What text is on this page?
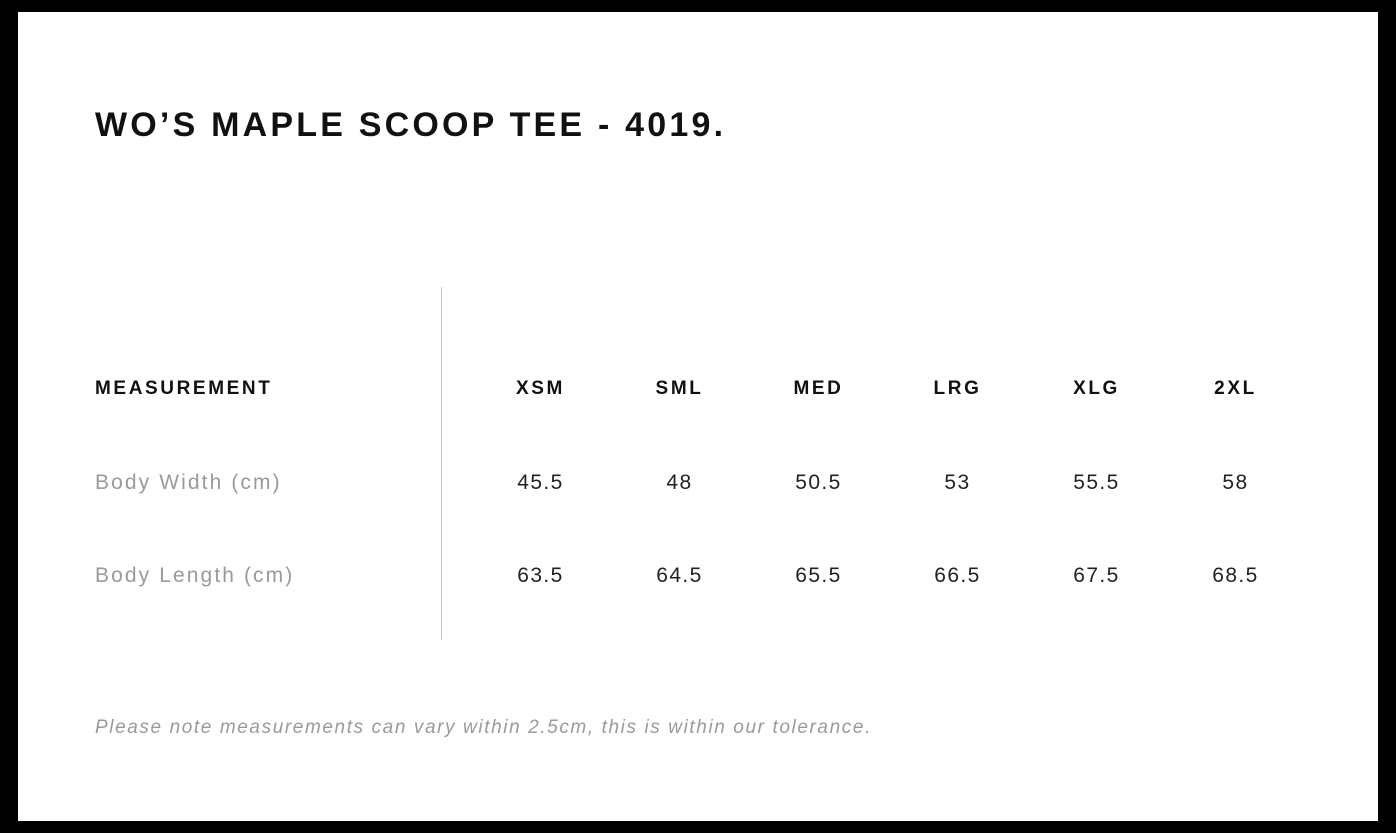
WO’S MAPLE SCOOP TEE - 4019.
MEASUREMENT	XSM	SML	MED	LRG	XLG	2XL
Body Width (cm)	45.5	48	50.5	53	55.5	58
Body Length (cm)	63.5	64.5	65.5	66.5	67.5	68.5
Please note measurements can vary within 2.5cm, this is within our tolerance.
